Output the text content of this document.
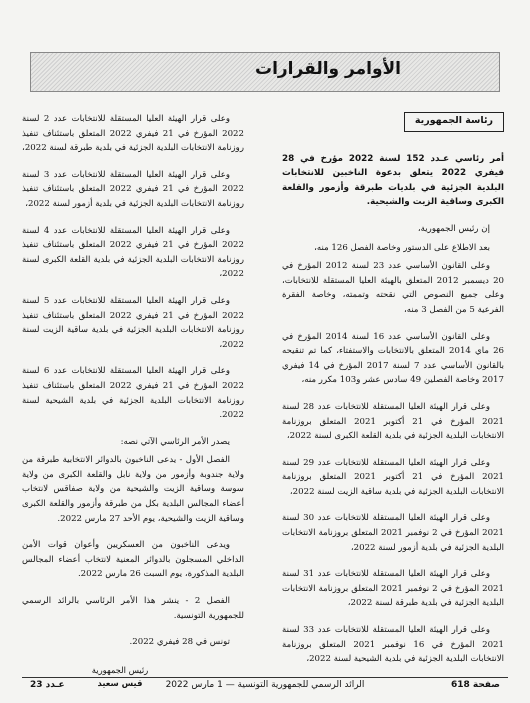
الأوامر والقرارات
رئاسة الجمهورية
أمر رئاسي عـدد 152 لسنة 2022 مؤرخ في 28 فيفري 2022 يتعلق بدعوة الناخبين للانتخابات البلدية الجزئية في بلديات طبرقة وأزمور والقلعة الكبرى وساقية الزيت والشيحية.

إن رئيس الجمهورية،

بعد الاطلاع على الدستور وخاصة الفصل 126 منه،

وعلى القانون الأساسي عدد 23 لسنة 2012 المؤرخ في 20 ديسمبر 2012 المتعلق بالهيئة العليا المستقلة للانتخابات، وعلى جميع النصوص التي نقحته وتممته، وخاصة الفقرة الفرعية 5 من الفصل 3 منه،

وعلى القانون الأساسي عدد 16 لسنة 2014 المؤرخ في 26 ماي 2014 المتعلق بالانتخابات والاستفتاء، كما تم تنقيحه بالقانون الأساسي عدد 7 لسنة 2017 المؤرخ في 14 فيفري 2017 وخاصة الفصلين 49 سادس عشر و103 مكرر منه،

وعلى قرار الهيئة العليا المستقلة للانتخابات عدد 28 لسنة 2021 المؤرخ في 21 أكتوبر 2021 المتعلق بروزنامة الانتخابات البلدية الجزئية في بلدية القلعة الكبرى لسنة 2022،

وعلى قرار الهيئة العليا المستقلة للانتخابات عدد 29 لسنة 2021 المؤرخ في 21 أكتوبر 2021 المتعلق بروزنامة الانتخابات البلدية الجزئية في بلدية ساقية الزيت لسنة 2022،

وعلى قرار الهيئة العليا المستقلة للانتخابات عدد 30 لسنة 2021 المؤرخ في 2 نوفمبر 2021 المتعلق بروزنامة الانتخابات البلدية الجزئية في بلدية أزمور لسنة 2022،

وعلى قرار الهيئة العليا المستقلة للانتخابات عدد 31 لسنة 2021 المؤرخ في 2 نوفمبر 2021 المتعلق بروزنامة الانتخابات البلدية الجزئية في بلدية طبرقة لسنة 2022،

وعلى قرار الهيئة العليا المستقلة للانتخابات عدد 33 لسنة 2021 المؤرخ في 16 نوفمبر 2021 المتعلق بروزنامة الانتخابات البلدية الجزئية في بلدية الشيحية لسنة 2022،

وعلى قرار الهيئة العليا المستقلة للانتخابات عدد 2 لسنة 2022 المؤرخ في 21 فيفري 2022 المتعلق باستئناف تنفيذ روزنامة الانتخابات البلدية الجزئية في بلدية طبرقة لسنة 2022،

وعلى قرار الهيئة العليا المستقلة للانتخابات عدد 3 لسنة 2022 المؤرخ في 21 فيفري 2022 المتعلق باستئناف تنفيذ روزنامة الانتخابات البلدية الجزئية في بلدية أزمور لسنة 2022،

وعلى قرار الهيئة العليا المستقلة للانتخابات عدد 4 لسنة 2022 المؤرخ في 21 فيفري 2022 المتعلق باستئناف تنفيذ روزنامة الانتخابات البلدية الجزئية في بلدية القلعة الكبرى لسنة 2022،

وعلى قرار الهيئة العليا المستقلة للانتخابات عدد 5 لسنة 2022 المؤرخ في 21 فيفري 2022 المتعلق باستئناف تنفيذ روزنامة الانتخابات البلدية الجزئية في بلدية ساقية الزيت لسنة 2022،

وعلى قرار الهيئة العليا المستقلة للانتخابات عدد 6 لسنة 2022 المؤرخ في 21 فيفري 2022 المتعلق باستئناف تنفيذ روزنامة الانتخابات البلدية الجزئية في بلدية الشيحية لسنة 2022.

يصدر الأمر الرئاسي الآتي نصه:

الفصل الأول - يدعى الناخبون بالدوائر الانتخابية طبرقة من ولاية جندوبة وأزمور من ولاية نابل والقلعة الكبرى من ولاية سوسة وساقية الزيت والشيحية من ولاية صفاقس لانتخاب أعضاء المجالس البلدية بكل من طبرقة وأزمور والقلعة الكبرى وساقية الزيت والشيحية، يوم الأحد 27 مارس 2022.

ويدعى الناخبون من العسكريين وأعوان قوات الأمن الداخلي المسجلون بالدوائر المعنية لانتخاب أعضاء المجالس البلدية المذكورة، يوم السبت 26 مارس 2022.

الفصل 2 - ينشر هذا الأمر الرئاسي بالرائد الرسمي للجمهورية التونسية.

تونس في 28 فيفري 2022.

رئيس الجمهورية
قيس سعيد	صفحة 618
الرائد الرسمي للجمهورية التونسية — 1 مارس 2022
عـدد 23
